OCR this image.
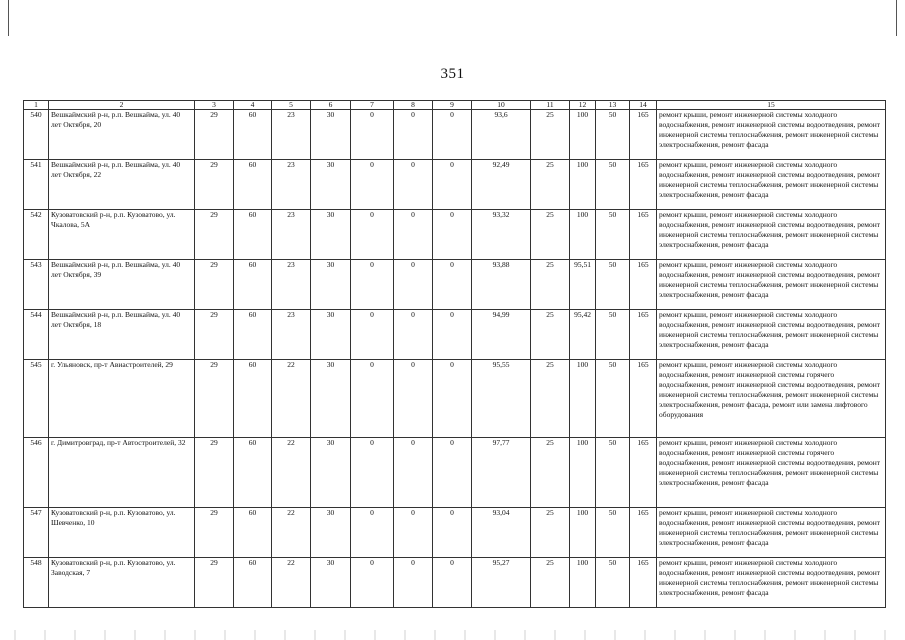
351
1	2	3	4	5	6	7	8	9	10	11	12	13	14	15
540	Вешкаймский р-н, р.п. Вешкайма, ул. 40 лет Октября, 20	29	60	23	30	0	0	0	93,6	25	100	50	165	ремонт крыши, ремонт инженерной системы холодного водоснабжения, ремонт инженерной системы водоотведения, ремонт инженерной системы теплоснабжения, ремонт инженерной системы электроснабжения, ремонт фасада
541	Вешкаймский р-н, р.п. Вешкайма, ул. 40 лет Октября, 22	29	60	23	30	0	0	0	92,49	25	100	50	165	ремонт крыши, ремонт инженерной системы холодного водоснабжения, ремонт инженерной системы водоотведения, ремонт инженерной системы теплоснабжения, ремонт инженерной системы электроснабжения, ремонт фасада
542	Кузоватовский р-н, р.п. Кузоватово, ул. Чкалова, 5А	29	60	23	30	0	0	0	93,32	25	100	50	165	ремонт крыши, ремонт инженерной системы холодного водоснабжения, ремонт инженерной системы водоотведения, ремонт инженерной системы теплоснабжения, ремонт инженерной системы электроснабжения, ремонт фасада
543	Вешкаймский р-н, р.п. Вешкайма, ул. 40 лет Октября, 39	29	60	23	30	0	0	0	93,88	25	95,51	50	165	ремонт крыши, ремонт инженерной системы холодного водоснабжения, ремонт инженерной системы водоотведения, ремонт инженерной системы теплоснабжения, ремонт инженерной системы электроснабжения, ремонт фасада
544	Вешкаймский р-н, р.п. Вешкайма, ул. 40 лет Октября, 18	29	60	23	30	0	0	0	94,99	25	95,42	50	165	ремонт крыши, ремонт инженерной системы холодного водоснабжения, ремонт инженерной системы водоотведения, ремонт инженерной системы теплоснабжения, ремонт инженерной системы электроснабжения, ремонт фасада
545	г. Ульяновск, пр-т Авиастроителей, 29	29	60	22	30	0	0	0	95,55	25	100	50	165	ремонт крыши, ремонт инженерной системы холодного водоснабжения, ремонт инженерной системы горячего водоснабжения, ремонт инженерной системы водоотведения, ремонт инженерной системы теплоснабжения, ремонт инженерной системы электроснабжения, ремонт фасада, ремонт или замена лифтового оборудования
546	г. Димитровград, пр-т Автостроителей, 32	29	60	22	30	0	0	0	97,77	25	100	50	165	ремонт крыши, ремонт инженерной системы холодного водоснабжения, ремонт инженерной системы горячего водоснабжения, ремонт инженерной системы водоотведения, ремонт инженерной системы теплоснабжения, ремонт инженерной системы электроснабжения, ремонт фасада
547	Кузоватовский р-н, р.п. Кузоватово, ул. Шевченко, 10	29	60	22	30	0	0	0	93,04	25	100	50	165	ремонт крыши, ремонт инженерной системы холодного водоснабжения, ремонт инженерной системы водоотведения, ремонт инженерной системы теплоснабжения, ремонт инженерной системы электроснабжения, ремонт фасада
548	Кузоватовский р-н, р.п. Кузоватово, ул. Заводская, 7	29	60	22	30	0	0	0	95,27	25	100	50	165	ремонт крыши, ремонт инженерной системы холодного водоснабжения, ремонт инженерной системы водоотведения, ремонт инженерной системы теплоснабжения, ремонт инженерной системы электроснабжения, ремонт фасада
